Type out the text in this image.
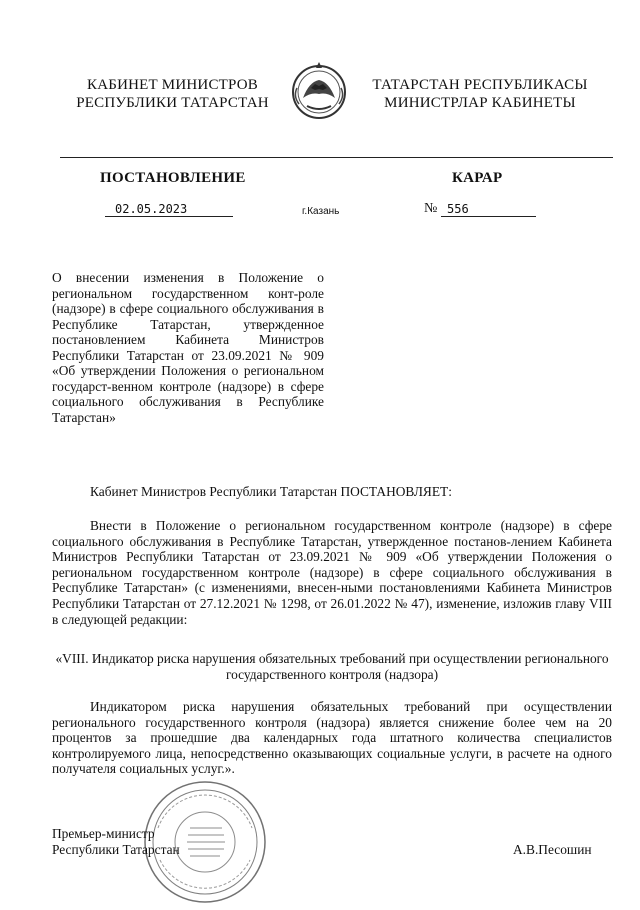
КАБИНЕТ МИНИСТРОВ
РЕСПУБЛИКИ ТАТАРСТАН
ТАТАРСТАН РЕСПУБЛИКАСЫ
МИНИСТРЛАР КАБИНЕТЫ
ПОСТАНОВЛЕНИЕ	КАРАР
02.05.2023	г.Казань	№ 556
О внесении изменения в Положение о региональном государственном конт-роле (надзоре) в сфере социального обслуживания в Республике Татарстан, утвержденное постановлением Кабинета Министров Республики Татарстан от 23.09.2021 № 909 «Об утверждении Положения о региональном государст-венном контроле (надзоре) в сфере социального обслуживания в Республике Татарстан»
Кабинет Министров Республики Татарстан ПОСТАНОВЛЯЕТ:
Внести в Положение о региональном государственном контроле (надзоре) в сфере социального обслуживания в Республике Татарстан, утвержденное постанов-лением Кабинета Министров Республики Татарстан от 23.09.2021 № 909 «Об утверждении Положения о региональном государственном контроле (надзоре) в сфере социального обслуживания в Республике Татарстан» (с изменениями, внесен-ными постановлениями Кабинета Министров Республики Татарстан от 27.12.2021 № 1298, от 26.01.2022 № 47), изменение, изложив главу VIII в следующей редакции:
«VIII. Индикатор риска нарушения обязательных требований при осуществлении регионального государственного контроля (надзора)
Индикатором риска нарушения обязательных требований при осуществлении регионального государственного контроля (надзора) является снижение более чем на 20 процентов за прошедшие два календарных года штатного количества специалистов контролируемого лица, непосредственно оказывающих социальные услуги, в расчете на одного получателя социальных услуг.».
Премьер-министр
Республики Татарстан	А.В.Песошин
